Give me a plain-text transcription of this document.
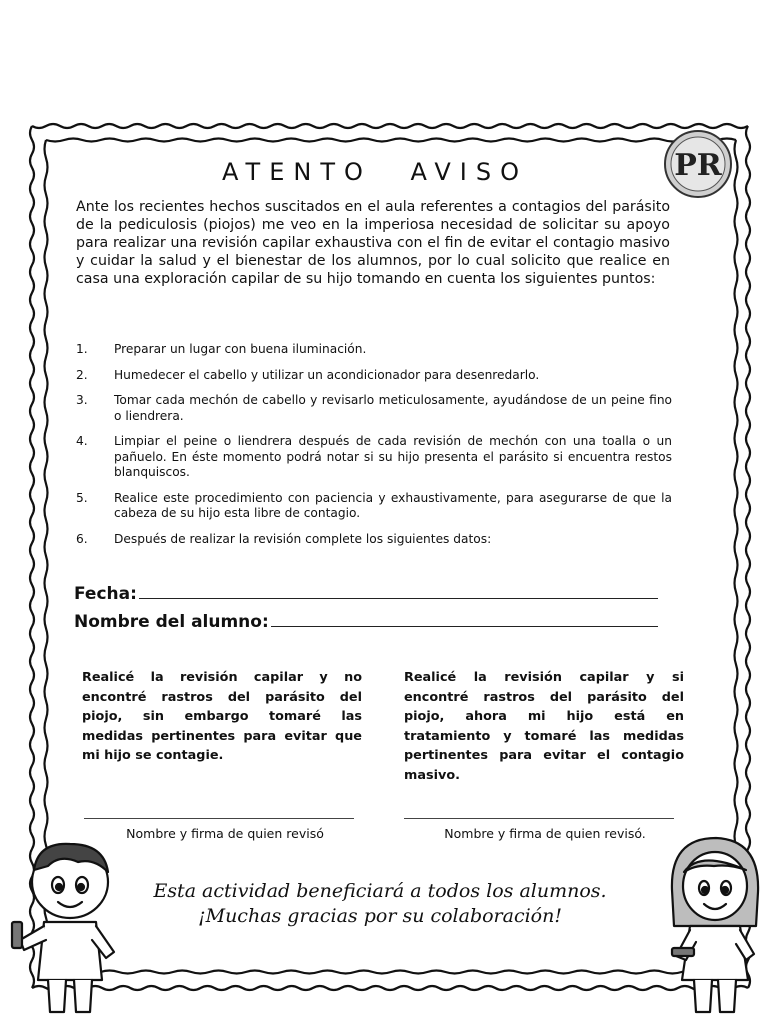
PR
ATENTO AVISO
Ante los recientes hechos suscitados en el aula referentes a contagios del parásito de la pediculosis (piojos) me veo en la imperiosa necesidad de solicitar su apoyo para realizar una revisión capilar exhaustiva con el fin de evitar el contagio masivo y cuidar la salud y el bienestar de los alumnos, por lo cual solicito que realice en casa una exploración capilar de su hijo tomando en cuenta los siguientes puntos:
1.	Preparar un lugar con buena iluminación.
2.	Humedecer el cabello y utilizar un acondicionador para desenredarlo.
3.	Tomar cada mechón de cabello y revisarlo meticulosamente, ayudándose de un peine fino o liendrera.
4.	Limpiar el peine o liendrera después de cada revisión de mechón con una toalla o un pañuelo. En éste momento podrá notar si su hijo presenta el parásito si encuentra restos blanquiscos.
5.	Realice este procedimiento con paciencia y exhaustivamente, para asegurarse de que la cabeza de su hijo esta libre de contagio.
6.	Después de realizar la revisión complete los siguientes datos:
Fecha:
Nombre del alumno:
Realicé la revisión capilar y no encontré rastros del parásito del piojo, sin embargo tomaré las medidas pertinentes para evitar que mi hijo se contagie.
Realicé la revisión capilar y si encontré rastros del parásito del piojo, ahora mi hijo está en tratamiento y tomaré las medidas pertinentes para evitar el contagio masivo.
Nombre y firma de quien revisó	Nombre y firma de quien revisó.
Esta actividad beneficiará a todos los alumnos.
¡Muchas gracias por su colaboración!
